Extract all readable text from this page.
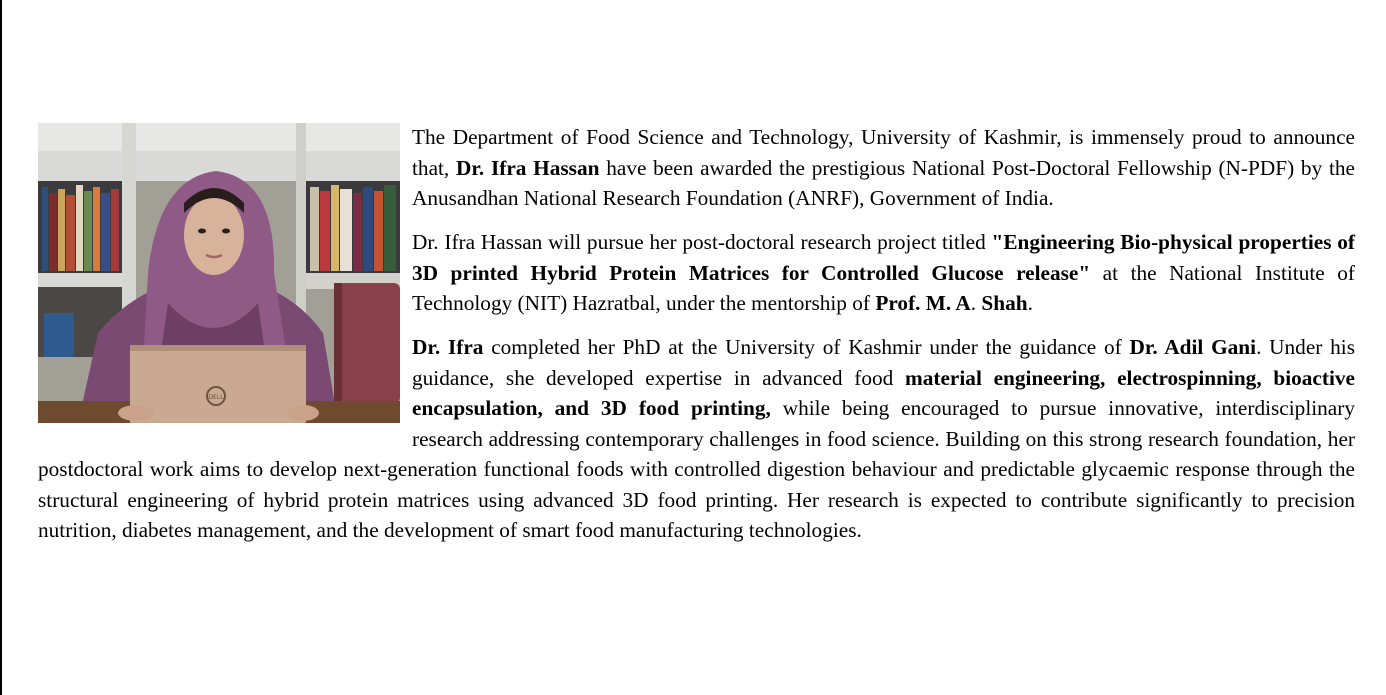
DELL

The Department of Food Science and Technology, University of Kashmir, is immensely proud to announce that, Dr. Ifra Hassan have been awarded the prestigious National Post-Doctoral Fellowship (N-PDF) by the Anusandhan National Research Foundation (ANRF), Government of India.

Dr. Ifra Hassan will pursue her post-doctoral research project titled "Engineering Bio-physical properties of 3D printed Hybrid Protein Matrices for Controlled Glucose release" at the National Institute of Technology (NIT) Hazratbal, under the mentorship of Prof. M. A. Shah.

Dr. Ifra completed her PhD at the University of Kashmir under the guidance of Dr. Adil Gani. Under his guidance, she developed expertise in advanced food material engineering, electrospinning, bioactive encapsulation, and 3D food printing, while being encouraged to pursue innovative, interdisciplinary research addressing contemporary challenges in food science. Building on this strong research foundation, her postdoctoral work aims to develop next-generation functional foods with controlled digestion behaviour and predictable glycaemic response through the structural engineering of hybrid protein matrices using advanced 3D food printing. Her research is expected to contribute significantly to precision nutrition, diabetes management, and the development of smart food manufacturing technologies.
